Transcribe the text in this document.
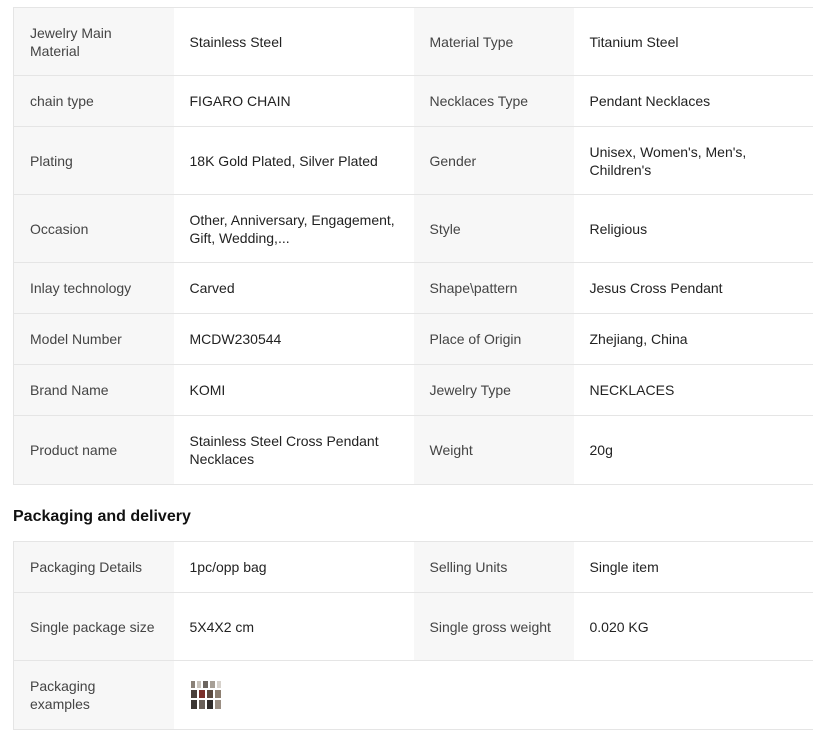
Jewelry Main Material	Stainless Steel	Material Type	Titanium Steel
chain type	FIGARO CHAIN	Necklaces Type	Pendant Necklaces
Plating	18K Gold Plated, Silver Plated	Gender	Unisex, Women's, Men's, Children's
Occasion	Other, Anniversary, Engagement, Gift, Wedding,...	Style	Religious
Inlay technology	Carved	Shape\pattern	Jesus Cross Pendant
Model Number	MCDW230544	Place of Origin	Zhejiang, China
Brand Name	KOMI	Jewelry Type	NECKLACES
Product name	Stainless Steel Cross Pendant Necklaces	Weight	20g
Packaging and delivery
Packaging Details	1pc/opp bag	Selling Units	Single item
Single package size	5X4X2 cm	Single gross weight	0.020 KG
Packaging examples	
